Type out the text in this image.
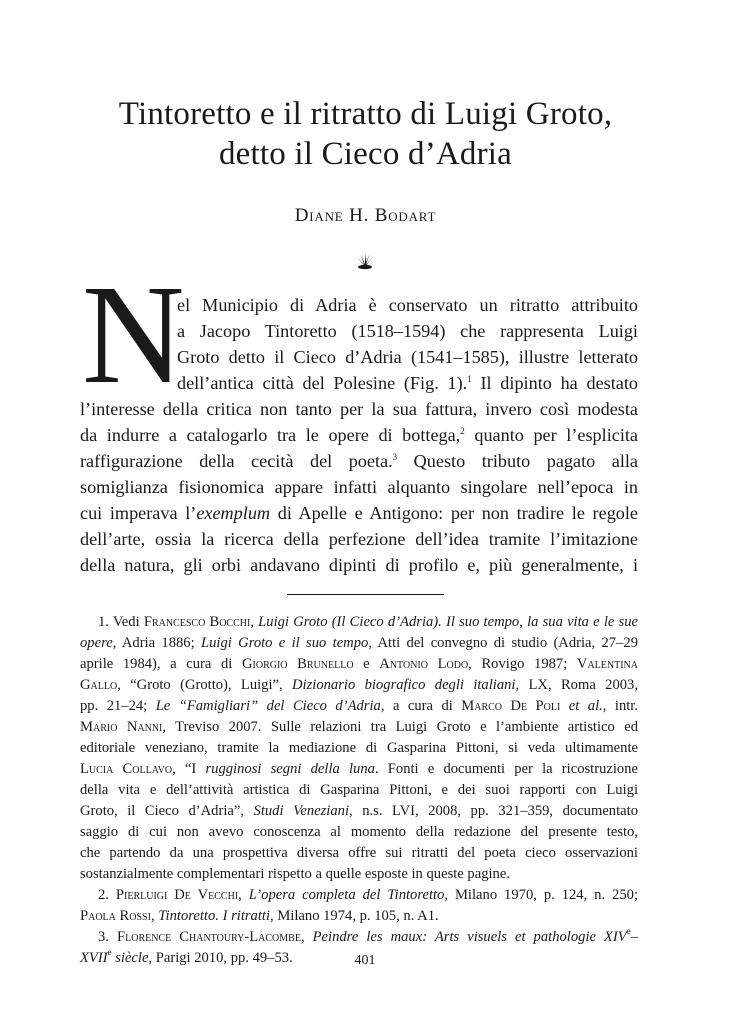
Tintoretto e il ritratto di Luigi Groto,
detto il Cieco d’Adria
Diane H. Bodart
N
el Municipio di Adria è conservato un ritratto attribuito
a Jacopo Tintoretto (1518–1594) che rappresenta Luigi
Groto detto il Cieco d’Adria (1541–1585), illustre letterato
dell’antica città del Polesine (Fig. 1).$^1$ Il dipinto ha destato
l’interesse della critica non tanto per la sua fattura, invero così modesta
da indurre a catalogarlo tra le opere di bottega,$^2$ quanto per l’esplicita
raffigurazione della cecità del poeta.$^3$ Questo tributo pagato alla
somiglianza fisionomica appare infatti alquanto singolare nell’epoca in
cui imperava l’exemplum di Apelle e Antigono: per non tradire le regole
dell’arte, ossia la ricerca della perfezione dell’idea tramite l’imitazione
della natura, gli orbi andavano dipinti di profilo e, più generalmente, i
1. Vedi Francesco Bocchi, Luigi Groto (Il Cieco d’Adria). Il suo tempo, la sua vita e le sue
opere, Adria 1886; Luigi Groto e il suo tempo, Atti del convegno di studio (Adria, 27–29
aprile 1984), a cura di Giorgio Brunello e Antonio Lodo, Rovigo 1987; Valentina
Gallo, “Groto (Grotto), Luigi”, Dizionario biografico degli italiani, LX, Roma 2003,
pp. 21–24; Le “Famigliari” del Cieco d’Adria, a cura di Marco De Poli et al., intr.
Mario Nanni, Treviso 2007. Sulle relazioni tra Luigi Groto e l’ambiente artistico ed
editoriale veneziano, tramite la mediazione di Gasparina Pittoni, si veda ultimamente
Lucia Collavo, “I rugginosi segni della luna. Fonti e documenti per la ricostruzione
della vita e dell’attività artistica di Gasparina Pittoni, e dei suoi rapporti con Luigi
Groto, il Cieco d’Adria”, Studi Veneziani, n.s. LVI, 2008, pp. 321–359, documentato
saggio di cui non avevo conoscenza al momento della redazione del presente testo,
che partendo da una prospettiva diversa offre sui ritratti del poeta cieco osservazioni
sostanzialmente complementari rispetto a quelle esposte in queste pagine.
2. Pierluigi De Vecchi, L’opera completa del Tintoretto, Milano 1970, p. 124, n. 250;
Paola Rossi, Tintoretto. I ritratti, Milano 1974, p. 105, n. A1.
3. Florence Chantoury-Lacombe, Peindre les maux: Arts visuels et pathologie XIVe–
XVIIe siècle, Parigi 2010, pp. 49–53.	401
